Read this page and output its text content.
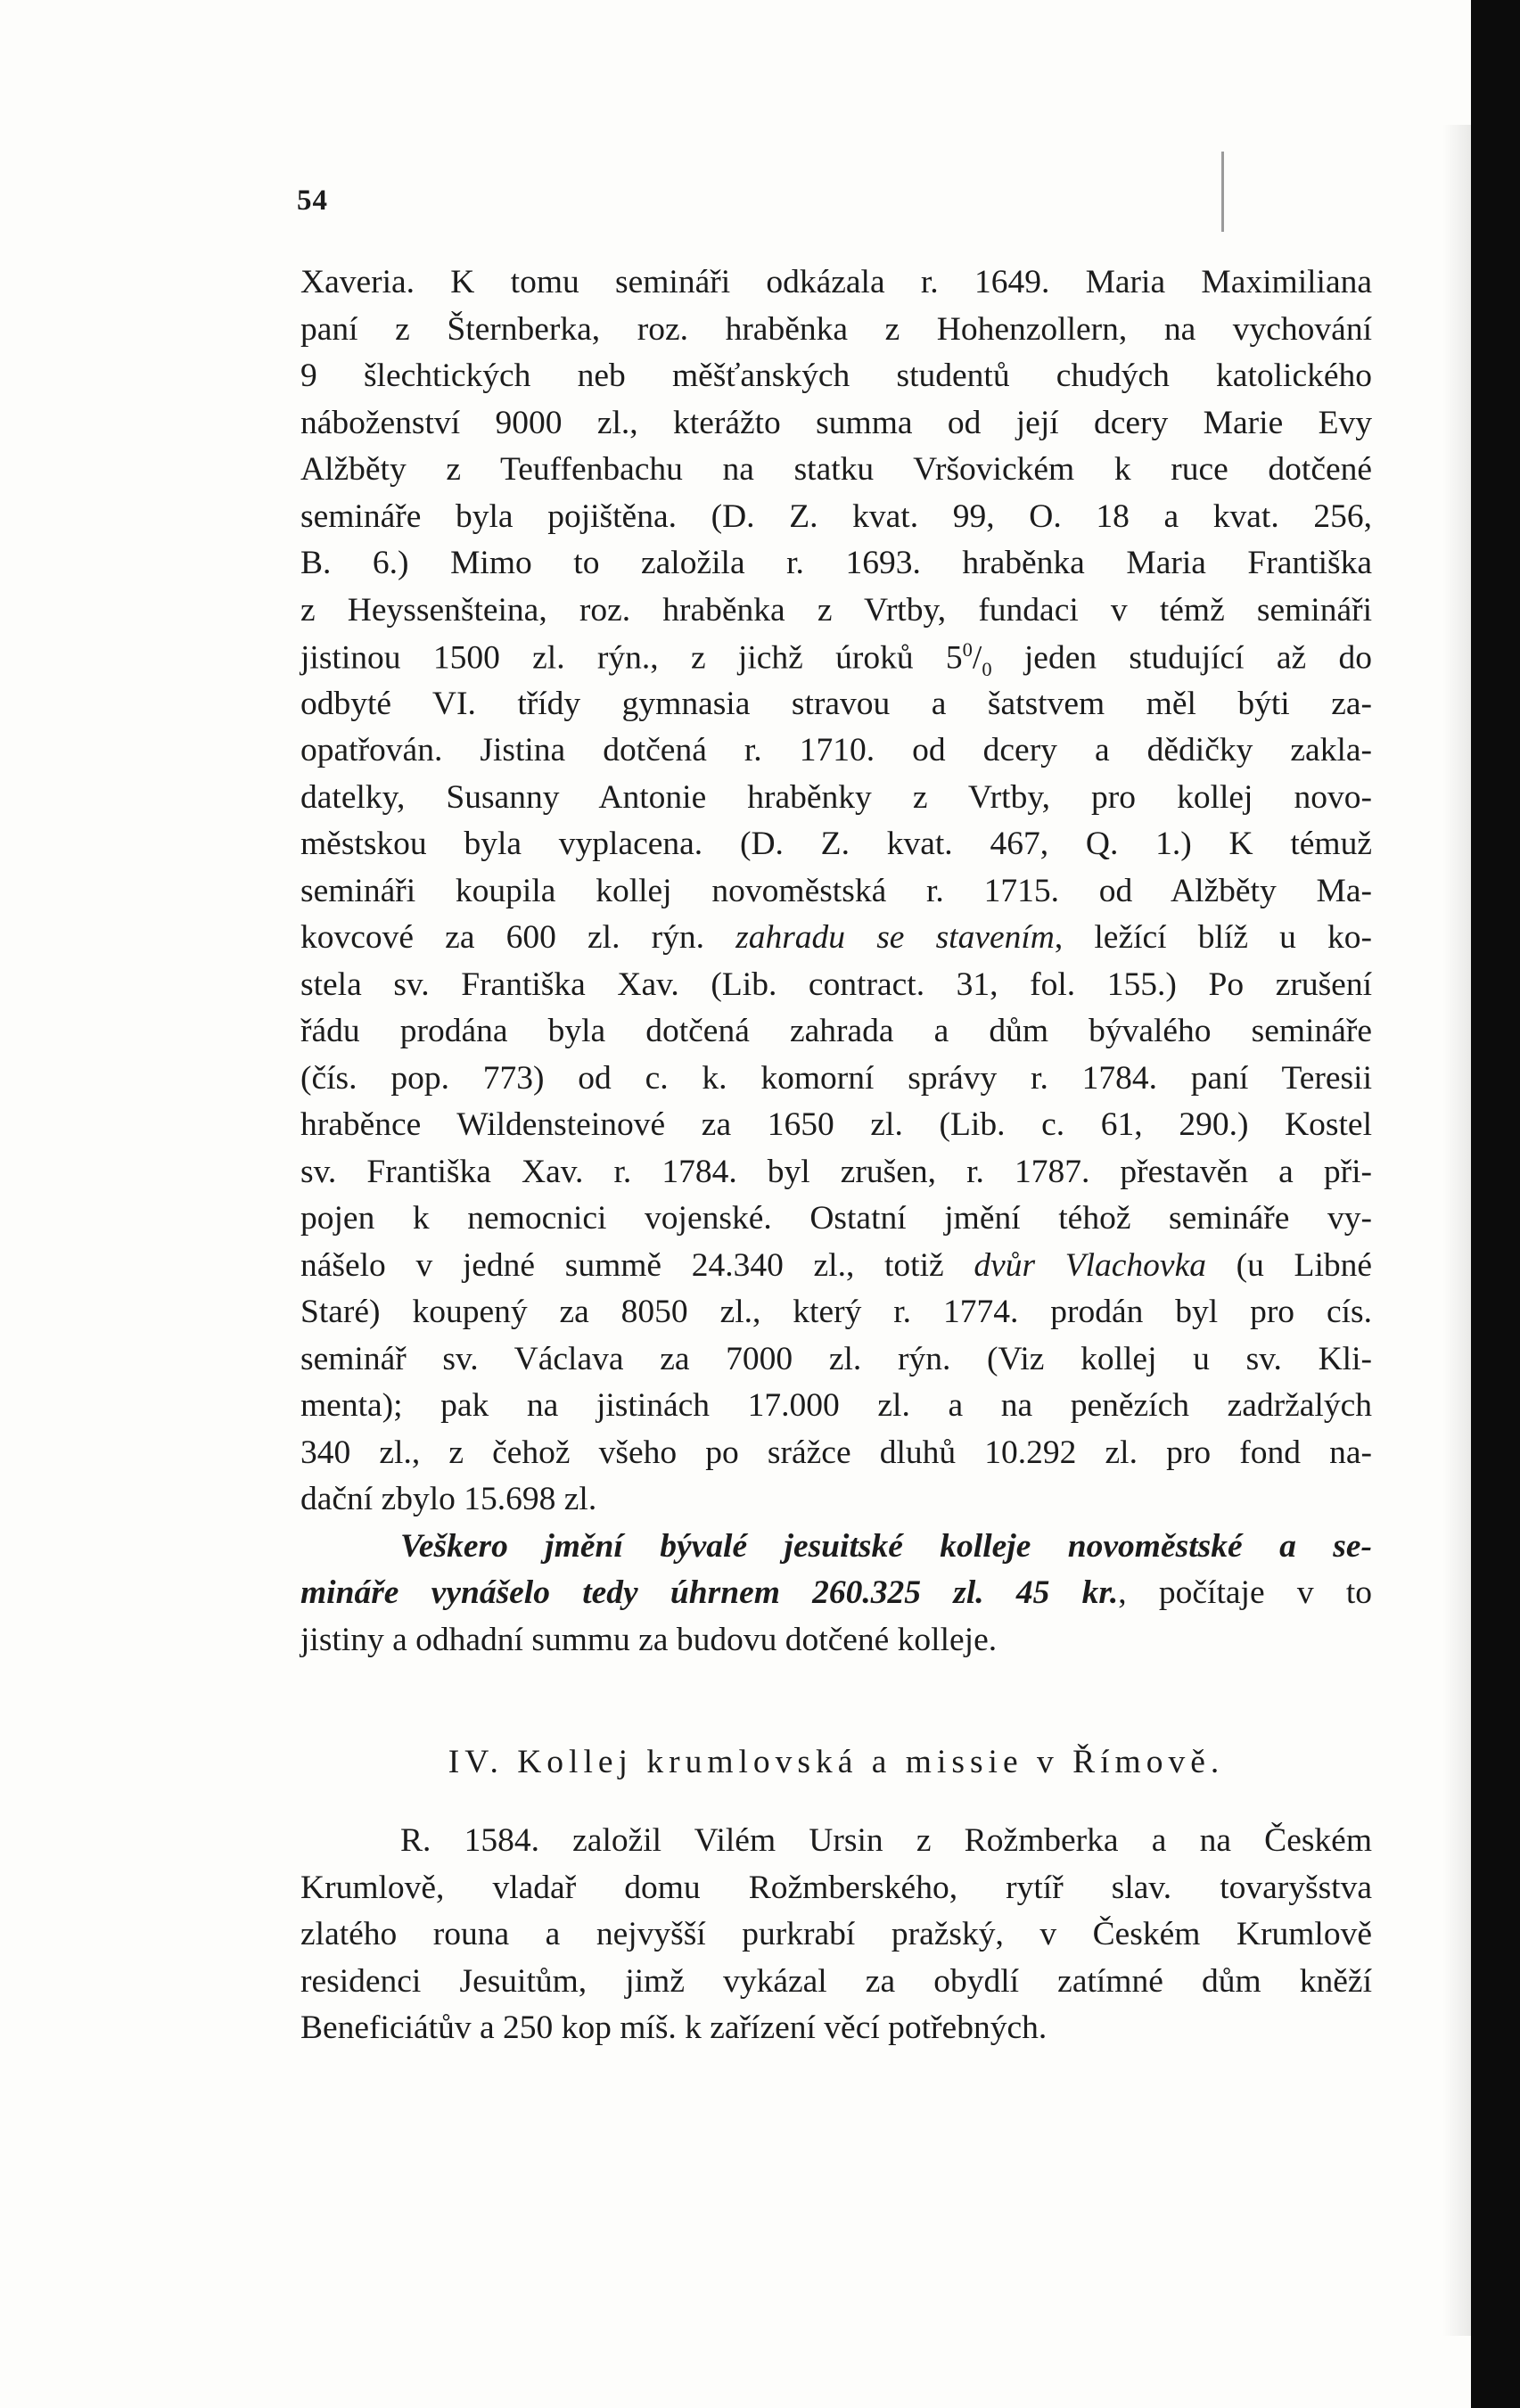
54
Xaveria. K tomu semináři odkázala r. 1649. Maria Maximiliana
paní z Šternberka, roz. hraběnka z Hohenzollern, na vychování
9 šlechtických neb měšťanských studentů chudých katolického
náboženství 9000 zl., kterážto summa od její dcery Marie Evy
Alžběty z Teuffenbachu na statku Vršovickém k ruce dotčené
semináře byla pojištěna. (D. Z. kvat. 99, O. 18 a kvat. 256,
B. 6.) Mimo to založila r. 1693. hraběnka Maria Františka
z Heyssenšteina, roz. hraběnka z Vrtby, fundaci v témž semináři
jistinou 1500 zl. rýn., z jichž úroků $5^0/_0$ jeden studující až do
odbyté VI. třídy gymnasia stravou a šatstvem měl býti za-
opatřován. Jistina dotčená r. 1710. od dcery a dědičky zakla-
datelky, Susanny Antonie hraběnky z Vrtby, pro kollej novo-
městskou byla vyplacena. (D. Z. kvat. 467, Q. 1.) K témuž
semináři koupila kollej novoměstská r. 1715. od Alžběty Ma-
kovcové za 600 zl. rýn. zahradu se stavením, ležící blíž u ko-
stela sv. Františka Xav. (Lib. contract. 31, fol. 155.) Po zrušení
řádu prodána byla dotčená zahrada a dům bývalého semináře
(čís. pop. 773) od c. k. komorní správy r. 1784. paní Teresii
hraběnce Wildensteinové za 1650 zl. (Lib. c. 61, 290.) Kostel
sv. Františka Xav. r. 1784. byl zrušen, r. 1787. přestavěn a při-
pojen k nemocnici vojenské. Ostatní jmění téhož semináře vy-
nášelo v jedné summě 24.340 zl., totiž dvůr Vlachovka (u Libné
Staré) koupený za 8050 zl., který r. 1774. prodán byl pro cís.
seminář sv. Václava za 7000 zl. rýn. (Viz kollej u sv. Kli-
menta); pak na jistinách 17.000 zl. a na penězích zadržalých
340 zl., z čehož všeho po srážce dluhů 10.292 zl. pro fond na-
dační zbylo 15.698 zl.
Veškero jmění bývalé jesuitské kolleje novoměstské a se-
mináře vynášelo tedy úhrnem 260.325 zl. 45 kr., počítaje v to
jistiny a odhadní summu za budovu dotčené kolleje.
IV. Kollej krumlovská a missie v Římově.
R. 1584. založil Vilém Ursin z Rožmberka a na Českém
Krumlově, vladař domu Rožmberského, rytíř slav. tovaryšstva
zlatého rouna a nejvyšší purkrabí pražský, v Českém Krumlově
residenci Jesuitům, jimž vykázal za obydlí zatímné dům kněží
Beneficiátův a 250 kop míš. k zařízení věcí potřebných.
